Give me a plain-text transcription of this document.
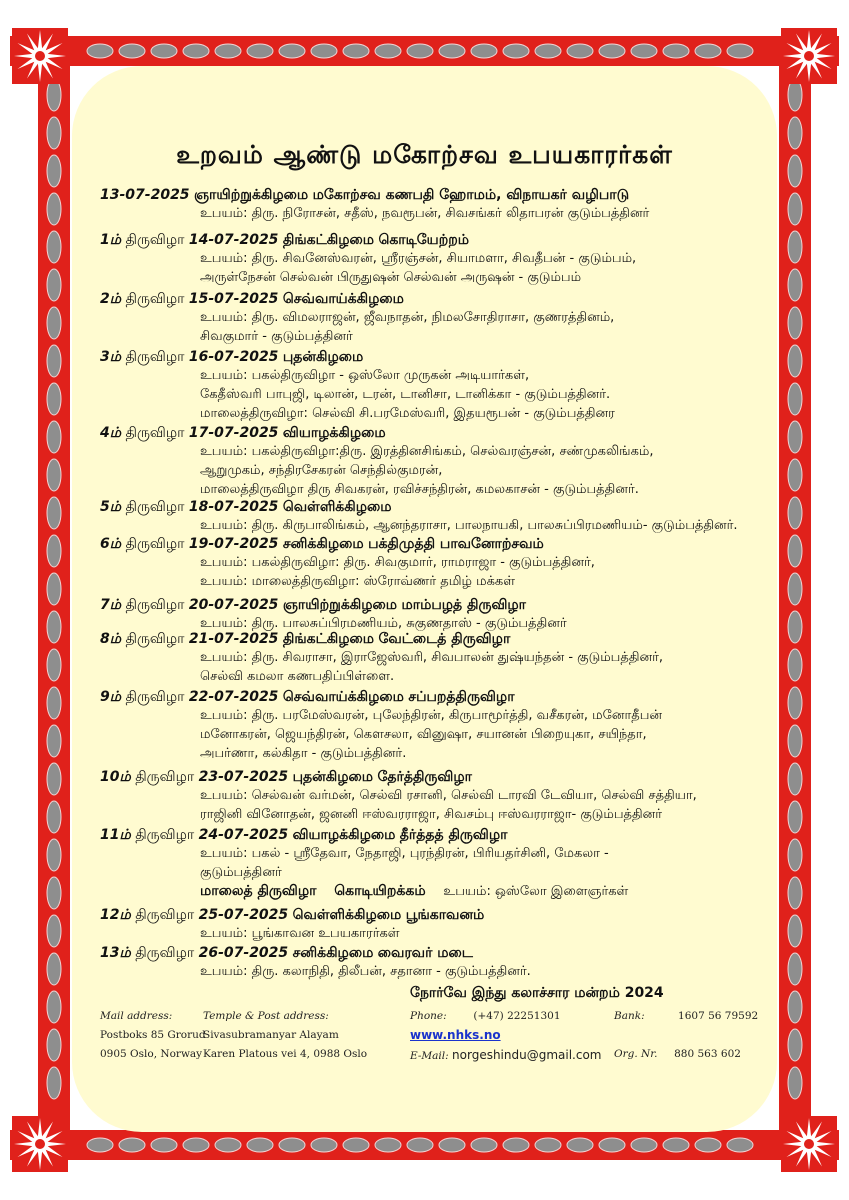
உறவம் ஆண்டு மகோற்சவ உபயகாரர்கள்
13-07-2025 ஞாயிற்றுக்கிழமை மகோற்சவ கணபதி ஹோமம், விநாயகர் வழிபாடு
உபயம்: திரு. நிரோசன், சதீஸ், நவரூபன், சிவசங்கர் லிதாபரன் குடும்பத்தினர்
1ம் திருவிழா 14-07-2025 திங்கட்கிழமை கொடியேற்றம்
உபயம்: திரு. சிவனேஸ்வரன், ஸ்ரீரஞ்சன், சியாமளா, சிவதீபன் - குடும்பம்,
அருள்நேசன் செல்வன் பிருதுஷன் செல்வன் அருஷன் - குடும்பம்
2ம் திருவிழா 15-07-2025 செவ்வாய்க்கிழமை
உபயம்: திரு. விமலராஜன், ஜீவநாதன், நிமலசோதிராசா, குணரத்தினம்,
சிவகுமார் - குடும்பத்தினர்
3ம் திருவிழா 16-07-2025 புதன்கிழமை
உபயம்: பகல்திருவிழா - ஒஸ்லோ முருகன் அடியார்கள்,
கேதீஸ்வரி பாபுஜி, டிலான், டரன், டானிசா, டானிக்கா - குடும்பத்தினர்.
மாலைத்திருவிழா: செல்வி சி.பரமேஸ்வரி, இதயரூபன் - குடும்பத்தினர
4ம் திருவிழா 17-07-2025 வியாழக்கிழமை
உபயம்: பகல்திருவிழா:திரு. இரத்தினசிங்கம், செல்வரஞ்சன், சண்முகலிங்கம்,
ஆறுமுகம், சந்திரசேகரன் செந்தில்குமரன்,
மாலைத்திருவிழா திரு சிவகரன், ரவிச்சந்திரன், கமலகாசன் - குடும்பத்தினர்.
5ம் திருவிழா 18-07-2025 வெள்ளிக்கிழமை
உபயம்: திரு. கிருபாலிங்கம், ஆனந்தராசா, பாலநாயகி, பாலசுப்பிரமணியம்- குடும்பத்தினர்.
6ம் திருவிழா 19-07-2025 சனிக்கிழமை பக்திமுத்தி பாவனோற்சவம்
உபயம்: பகல்திருவிழா: திரு. சிவகுமார், ராமராஜா - குடும்பத்தினர்,
உபயம்: மாலைத்திருவிழா: ஸ்ரோவ்ணர் தமிழ் மக்கள்
7ம் திருவிழா 20-07-2025 ஞாயிற்றுக்கிழமை மாம்பழத் திருவிழா
உபயம்: திரு. பாலசுப்பிரமணியம், சுகுணதாஸ் - குடும்பத்தினர்
8ம் திருவிழா 21-07-2025 திங்கட்கிழமை வேட்டைத் திருவிழா
உபயம்: திரு. சிவராசா, இராஜேஸ்வரி, சிவபாலன் துஷ்யந்தன் - குடும்பத்தினர்,
செல்வி கமலா கணபதிப்பிள்ளை.
9ம் திருவிழா 22-07-2025 செவ்வாய்க்கிழமை சப்பறத்திருவிழா
உபயம்: திரு. பரமேஸ்வரன், புலேந்திரன், கிருபாமூர்த்தி, வசீகரன், மனோதீபன்
மனோகரன், ஜெயந்திரன், கௌசலா, வினுஷா, சயானன் பிறையுகா, சயிந்தா,
அபர்ணா, கல்கிதா - குடும்பத்தினர்.
10ம் திருவிழா 23-07-2025 புதன்கிழமை தேர்த்திருவிழா
உபயம்: செல்வன் வர்மன், செல்வி ரசானி, செல்வி டாரவி டேவியா, செல்வி சத்தியா,
ராஜினி வினோதன், ஜனனி ஈஸ்வரராஜா, சிவசம்பு ஈஸ்வரராஜா- குடும்பத்தினர்
11ம் திருவிழா 24-07-2025 வியாழக்கிழமை தீர்த்தத் திருவிழா
உபயம்: பகல் - ஸ்ரீதேவா, நேதாஜி, புரந்திரன், பிரியதர்சினி, மேகலா -
குடும்பத்தினர்
மாலைத் திருவிழா கொடியிறக்கம் உபயம்: ஒஸ்லோ இளைஞர்கள்
12ம் திருவிழா 25-07-2025 வெள்ளிக்கிழமை பூங்காவனம்
உபயம்: பூங்காவன உபயகாரர்கள்
13ம் திருவிழா 26-07-2025 சனிக்கிழமை வைரவர் மடை
உபயம்: திரு. கலாநிதி, திலீபன், சதானா - குடும்பத்தினர்.
நோர்வே இந்து கலாச்சார மன்றம் 2024
Mail address:
Postboks 85 Grorud
0905 Oslo, Norway
Temple & Post address:
Sivasubramanyar Alayam
Karen Platous vei 4, 0988 Oslo
Phone:	(+47) 22251301
www.nhks.no
E-Mail: norgeshindu@gmail.com
Bank:	1607 56 79592

Org. Nr. 880 563 602
